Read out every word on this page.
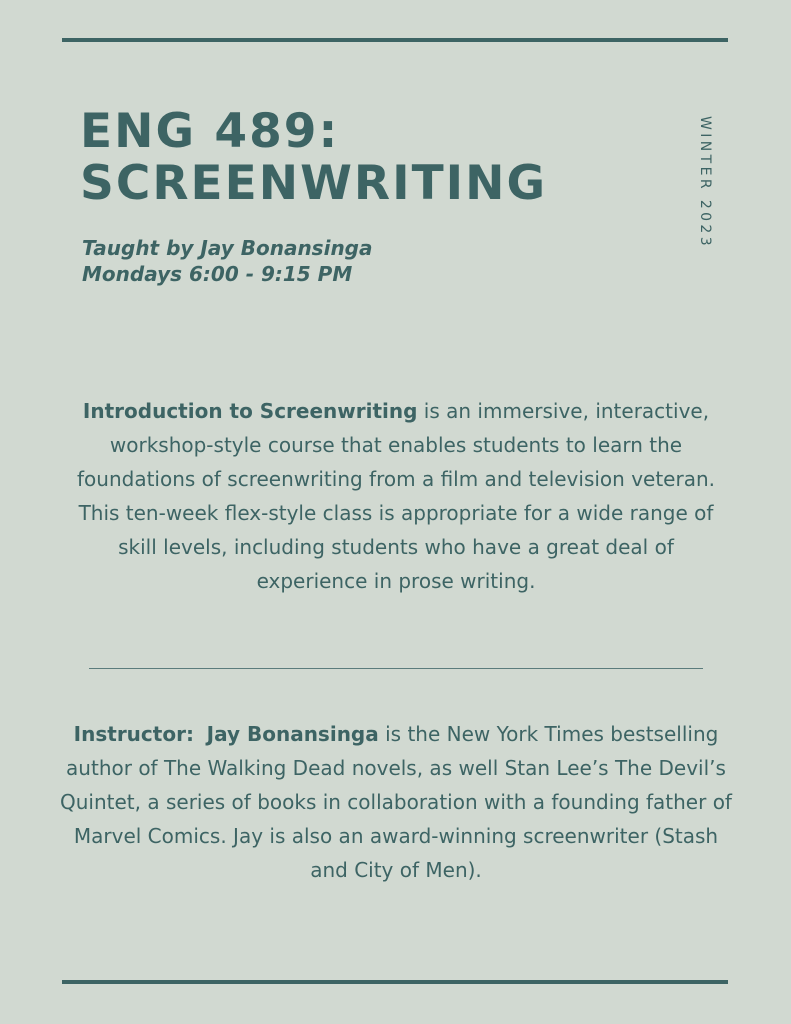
ENG 489:
SCREENWRITING
Taught by Jay Bonansinga
Mondays 6:00 - 9:15 PM
WINTER 2023

Introduction to Screenwriting is an immersive, interactive, workshop-style course that enables students to learn the foundations of screenwriting from a film and television veteran. This ten-week flex-style class is appropriate for a wide range of skill levels, including students who have a great deal of experience in prose writing.

Instructor: Jay Bonansinga is the New York Times bestselling author of The Walking Dead novels, as well Stan Lee’s The Devil’s Quintet, a series of books in collaboration with a founding father of Marvel Comics. Jay is also an award-winning screenwriter (Stash and City of Men).
